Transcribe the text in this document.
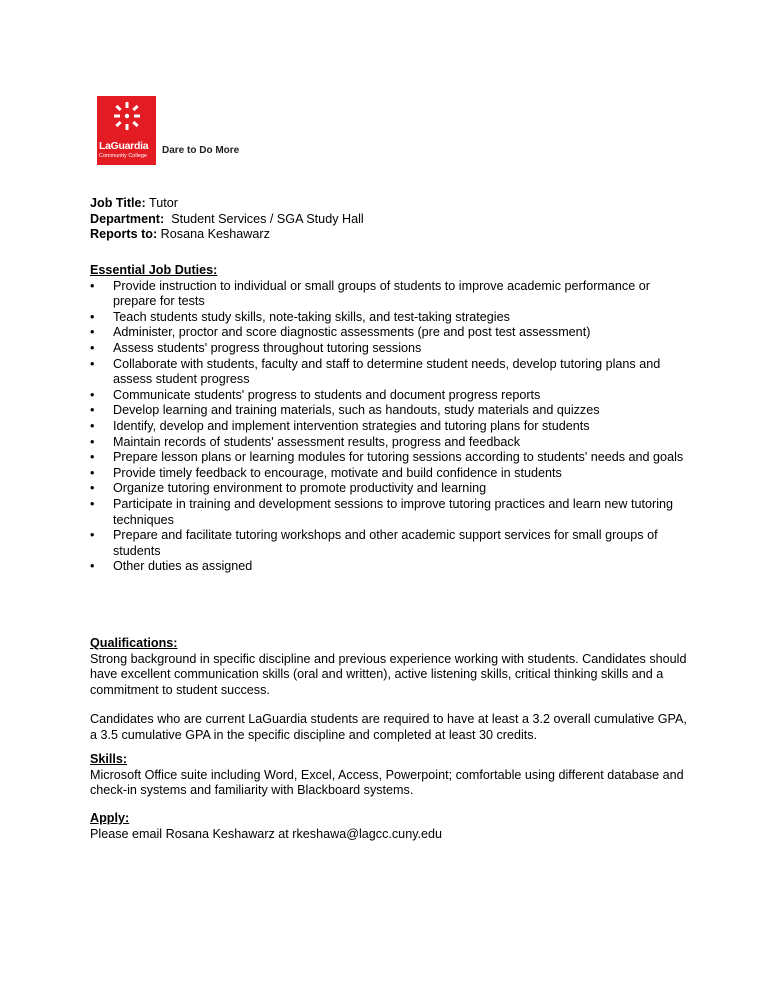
LaGuardia
Community College	Dare to Do More

Job Title: Tutor

Department: Student Services / SGA Study Hall

Reports to: Rosana Keshawarz

Essential Job Duties:

• Provide instruction to individual or small groups of students to improve academic performance or prepare for tests
• Teach students study skills, note-taking skills, and test-taking strategies
• Administer, proctor and score diagnostic assessments (pre and post test assessment)
• Assess students' progress throughout tutoring sessions
• Collaborate with students, faculty and staff to determine student needs, develop tutoring plans and assess student progress
• Communicate students' progress to students and document progress reports
• Develop learning and training materials, such as handouts, study materials and quizzes
• Identify, develop and implement intervention strategies and tutoring plans for students
• Maintain records of students' assessment results, progress and feedback
• Prepare lesson plans or learning modules for tutoring sessions according to students' needs and goals
• Provide timely feedback to encourage, motivate and build confidence in students
• Organize tutoring environment to promote productivity and learning
• Participate in training and development sessions to improve tutoring practices and learn new tutoring techniques
• Prepare and facilitate tutoring workshops and other academic support services for small groups of students
• Other duties as assigned

Qualifications:

Strong background in specific discipline and previous experience working with students. Candidates should have excellent communication skills (oral and written), active listening skills, critical thinking skills and a commitment to student success.

Candidates who are current LaGuardia students are required to have at least a 3.2 overall cumulative GPA, a 3.5 cumulative GPA in the specific discipline and completed at least 30 credits.

Skills:

Microsoft Office suite including Word, Excel, Access, Powerpoint; comfortable using different database and check-in systems and familiarity with Blackboard systems.

Apply:

Please email Rosana Keshawarz at rkeshawa@lagcc.cuny.edu
